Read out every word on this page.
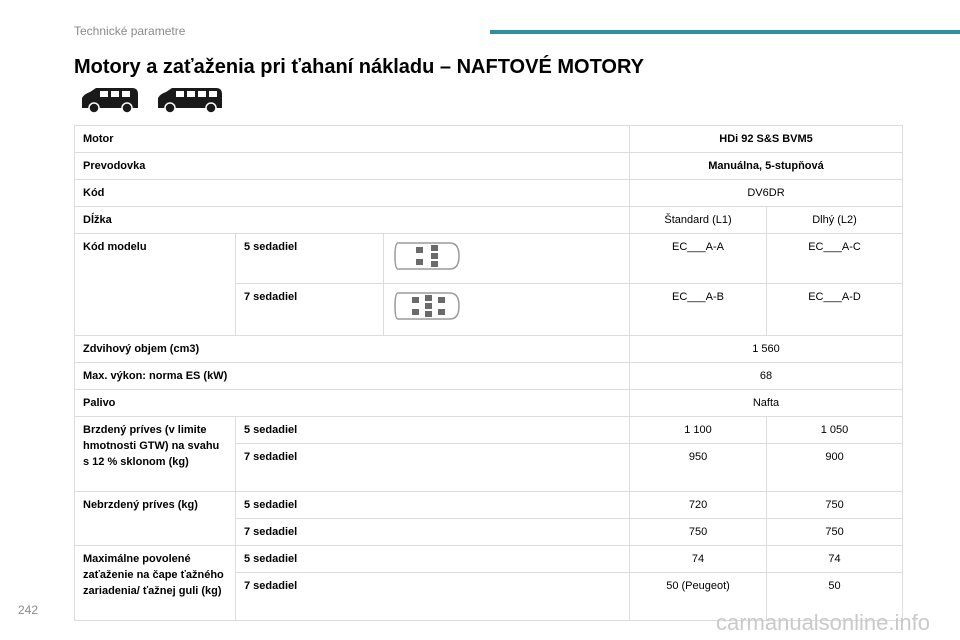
Technické parametre
Motory a zaťaženia pri ťahaní nákladu – NAFTOVÉ MOTORY
Motor			HDi 92 S&S BVM5	
Prevodovka			Manuálna, 5-stupňová	
Kód			DV6DR	
Dĺžka			Štandard (L1)	Dlhý (L2)
Kód modelu	5 sedadiel		EC___A-A	EC___A-C
	7 sedadiel		EC___A-B	EC___A-D
Zdvihový objem (cm3)			1 560	
Max. výkon: norma ES (kW)			68	
Palivo			Nafta	
Brzdený príves (v limite hmotnosti GTW) na svahu s 12 % sklonom (kg)	5 sedadiel		1 100	1 050
	7 sedadiel		950	900
Nebrzdený príves (kg)	5 sedadiel		720	750
	7 sedadiel		750	750
Maximálne povolené zaťaženie na čape ťažného zariadenia/ ťažnej guli (kg)	5 sedadiel		74	74
	7 sedadiel		50 (Peugeot)	50
242	carmanualsonline.info
